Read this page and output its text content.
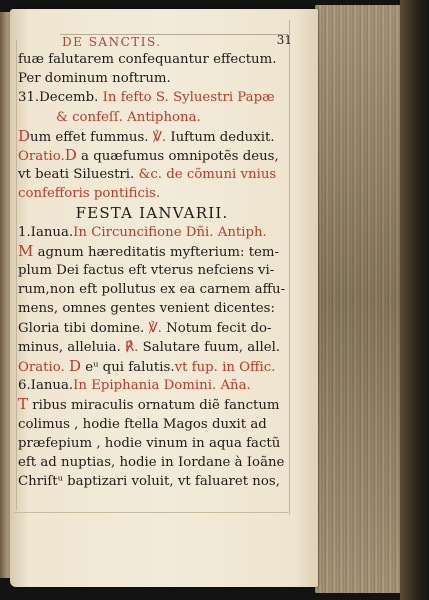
DE SANCTIS.	31
fuæ falutarem confequantur effectum.
Per dominum noftrum.
31.Decemb. In fefto S. Syluestri Papæ
& confeſſ. Antiphona.
Dum effet fummus. ℣. Iuftum deduxit.
Oratio.D a quæfumus omnipotẽs deus,
vt beati Siluestri. &c. de cõmuni vnius
confefforis pontificis.
FESTA IANVARII.
1.Ianua.In Circuncifione Dñi. Antiph.
M agnum hæreditatis myfterium: tem-
plum Dei factus eft vterus nefciens vi-
rum,non eft pollutus ex ea carnem affu-
mens, omnes gentes venient dicentes:
Gloria tibi domine. ℣. Notum fecit do-
minus, alleluia. ℟. Salutare fuum, allel.
Oratio. D eᵘ qui falutis.vt fup. in Offic.
6.Ianua.In Epiphania Domini. Aña.
T ribus miraculis ornatum diẽ fanctum
colimus , hodie ftella Magos duxit ad
præfepium , hodie vinum in aqua factũ
eft ad nuptias, hodie in Iordane à Ioãne
Chriſtᵘ baptizari voluit, vt faluaret nos,
